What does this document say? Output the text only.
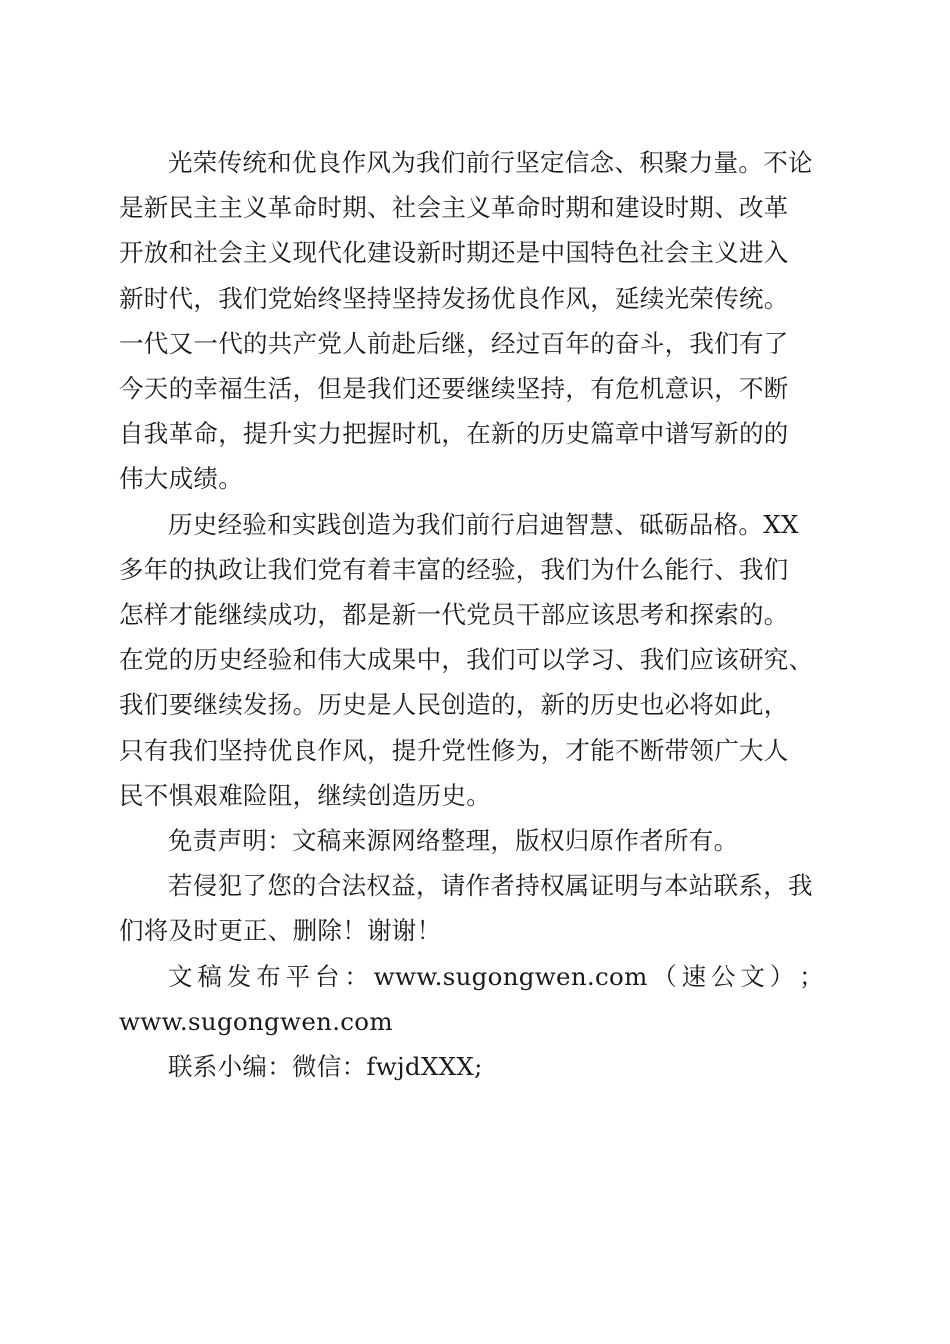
光荣传统和优良作风为我们前行坚定信念、积聚力量。不论
是新民主主义革命时期、社会主义革命时期和建设时期、改革
开放和社会主义现代化建设新时期还是中国特色社会主义进入
新时代，我们党始终坚持坚持发扬优良作风，延续光荣传统。
一代又一代的共产党人前赴后继，经过百年的奋斗，我们有了
今天的幸福生活，但是我们还要继续坚持，有危机意识，不断
自我革命，提升实力把握时机，在新的历史篇章中谱写新的的
伟大成绩。

历史经验和实践创造为我们前行启迪智慧、砥砺品格。XX
多年的执政让我们党有着丰富的经验，我们为什么能行、我们
怎样才能继续成功，都是新一代党员干部应该思考和探索的。
在党的历史经验和伟大成果中，我们可以学习、我们应该研究、
我们要继续发扬。历史是人民创造的，新的历史也必将如此，
只有我们坚持优良作风，提升党性修为，才能不断带领广大人
民不惧艰难险阻，继续创造历史。

免责声明：文稿来源网络整理，版权归原作者所有。

若侵犯了您的合法权益，请作者持权属证明与本站联系，我
们将及时更正、删除！谢谢！

文 稿 发 布 平 台 ： www.sugongwen.com （ 速 公 文 ） ；

www.sugongwen.com

联系小编：微信：fwjdXXX;
